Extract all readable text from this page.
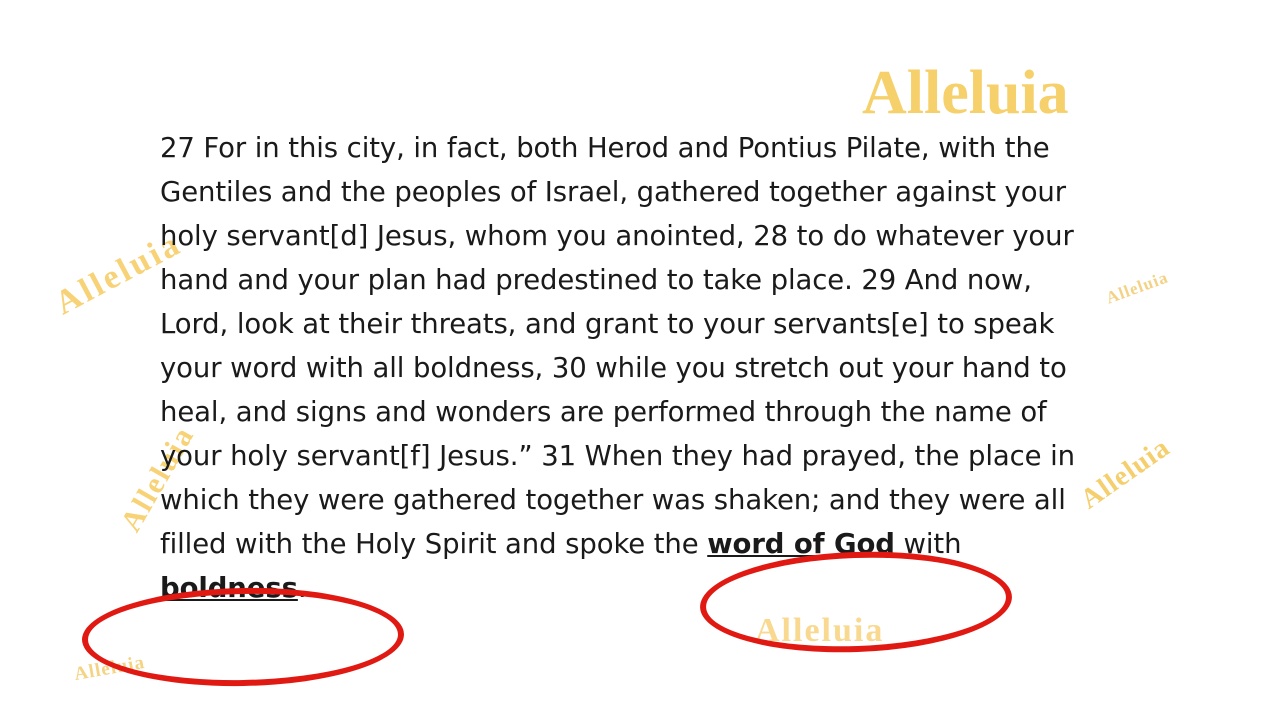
Alleluia
Alleluia
Alleluia
Alleluia
Alleluia
Alleluia
Alleluia
27 For in this city, in fact, both Herod and Pontius Pilate, with the Gentiles and the peoples of Israel, gathered together against your holy servant[d] Jesus, whom you anointed, 28 to do whatever your hand and your plan had predestined to take place. 29 And now, Lord, look at their threats, and grant to your servants[e] to speak your word with all boldness, 30 while you stretch out your hand to heal, and signs and wonders are performed through the name of your holy servant[f] Jesus.” 31 When they had prayed, the place in which they were gathered together was shaken; and they were all filled with the Holy Spirit and spoke the word of God with boldness.
